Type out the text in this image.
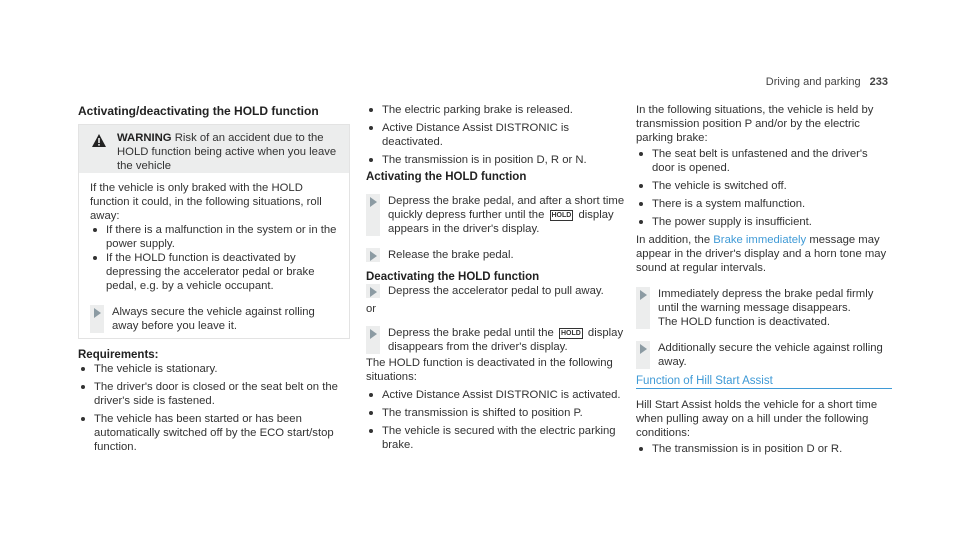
Driving and parking 233
Activating/deactivating the HOLD function
WARNING Risk of an accident due to the HOLD function being active when you leave the vehicle

If the vehicle is only braked with the HOLD function it could, in the following situations, roll away:

If there is a malfunction in the system or in the power supply.
If the HOLD function is deactivated by depressing the accelerator pedal or brake pedal, e.g. by a vehicle occupant.
Always secure the vehicle against rolling away before you leave it.
Requirements:
The vehicle is stationary.
The driver's door is closed or the seat belt on the driver's side is fastened.
The vehicle has been started or has been automatically switched off by the ECO start/stop function.
The electric parking brake is released.
Active Distance Assist DISTRONIC is deactivated.
The transmission is in position D, R or N.
Activating the HOLD function
Depress the brake pedal, and after a short time quickly depress further until the HOLD display appears in the driver's display.
Release the brake pedal.
Deactivating the HOLD function
Depress the accelerator pedal to pull away.

or

Depress the brake pedal until the HOLD display disappears from the driver's display.

The HOLD function is deactivated in the following situations:

Active Distance Assist DISTRONIC is activated.
The transmission is shifted to position P.
The vehicle is secured with the electric parking brake.

In the following situations, the vehicle is held by transmission position P and/or by the electric parking brake:

The seat belt is unfastened and the driver's door is opened.
The vehicle is switched off.
There is a system malfunction.
The power supply is insufficient.

In addition, the Brake immediately message may appear in the driver's display and a horn tone may sound at regular intervals.

Immediately depress the brake pedal firmly until the warning message disappears.
The HOLD function is deactivated.
Additionally secure the vehicle against rolling away.
Function of Hill Start Assist

Hill Start Assist holds the vehicle for a short time when pulling away on a hill under the following conditions:

The transmission is in position D or R.
